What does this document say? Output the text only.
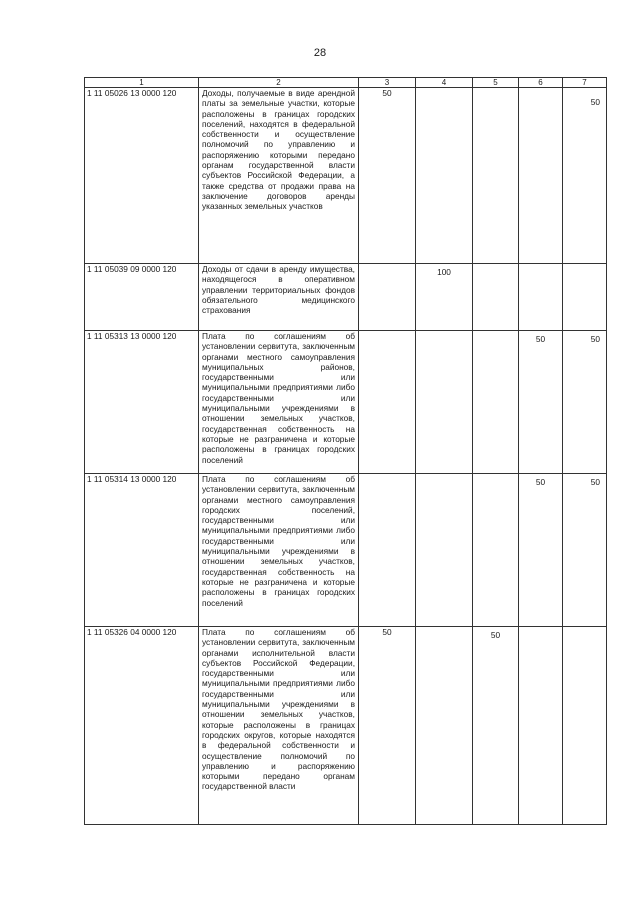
28
1	2	3	4	5	6	7
1 11 05026 13 0000 120	Доходы, получаемые в виде арендной платы за земельные участки, которые расположены в границах городских поселений, находятся в федеральной собственности и осуществление полномочий по управлению и распоряжению которыми передано органам государственной власти субъектов Российской Федерации, а также средства от продажи права на заключение договоров аренды указанных земельных участков	50				50

1 11 05039 09 0000 120	Доходы от сдачи в аренду имущества, находящегося в оперативном управлении территориальных фондов обязательного медицинского страхования		100			

1 11 05313 13 0000 120	Плата по соглашениям об установлении сервитута, заключенным органами местного самоуправления муниципальных районов, государственными или муниципальными предприятиями либо государственными или муниципальными учреждениями в отношении земельных участков, государственная собственность на которые не разграничена и которые расположены в границах городских поселений				50	50

1 11 05314 13 0000 120	Плата по соглашениям об установлении сервитута, заключенным органами местного самоуправления городских поселений, государственными или муниципальными предприятиями либо государственными или муниципальными учреждениями в отношении земельных участков, государственная собственность на которые не разграничена и которые расположены в границах городских поселений				50	50

1 11 05326 04 0000 120	Плата по соглашениям об установлении сервитута, заключенным органами исполнительной власти субъектов Российской Федерации, государственными или муниципальными предприятиями либо государственными или муниципальными учреждениями в отношении земельных участков, которые расположены в границах городских округов, которые находятся в федеральной собственности и осуществление полномочий по управлению и распоряжению которыми передано органам государственной власти	50		50		
